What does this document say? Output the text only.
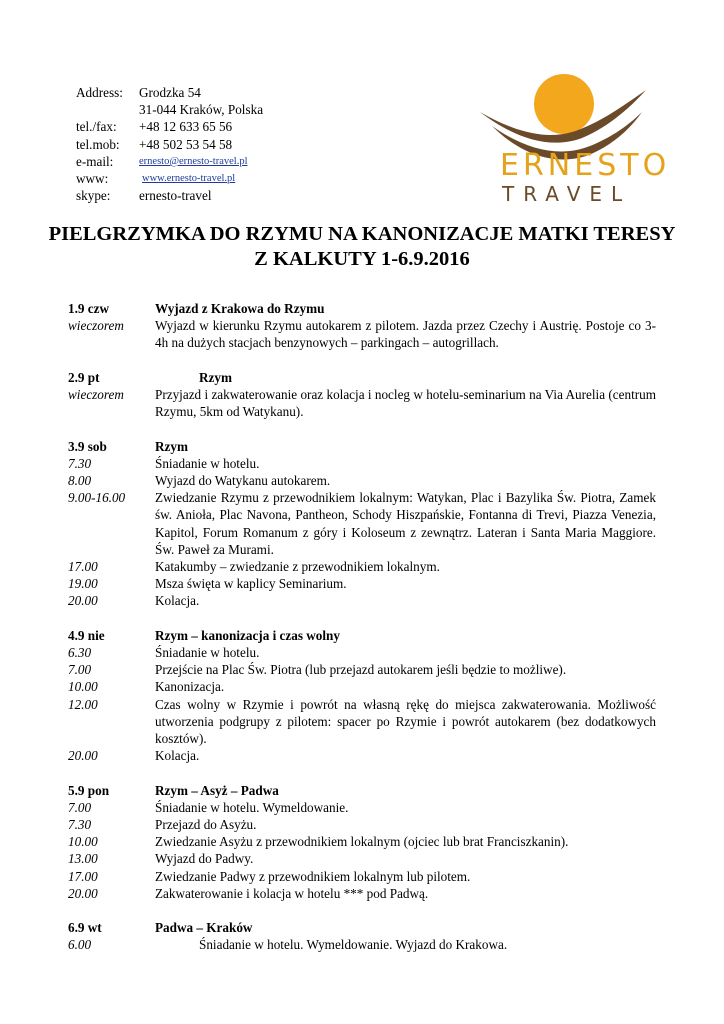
Address:	Grodzka 54
31-044 Kraków, Polska
tel./fax:	+48 12 633 65 56
tel.mob:	+48 502 53 54 58
e-mail:	ernesto@ernesto-travel.pl
www:	www.ernesto-travel.pl
skype:	ernesto-travel
ERNESTO
TRAVEL
PIELGRZYMKA DO RZYMU NA KANONIZACJE MATKI TERESY Z KALKUTY 1-6.9.2016
1.9 czw	Wyjazd z Krakowa do Rzymu
wieczorem	Wyjazd w kierunku Rzymu autokarem z pilotem. Jazda przez Czechy i Austrię. Postoje co 3-4h na dużych stacjach benzynowych – parkingach – autogrillach.
2.9 pt	Rzym
wieczorem	Przyjazd i zakwaterowanie oraz kolacja i nocleg w hotelu-seminarium na Via Aurelia (centrum Rzymu, 5km od Watykanu).
3.9 sob	Rzym
7.30	Śniadanie w hotelu.
8.00	Wyjazd do Watykanu autokarem.
9.00-16.00	Zwiedzanie Rzymu z przewodnikiem lokalnym: Watykan, Plac i Bazylika Św. Piotra, Zamek św. Anioła, Plac Navona, Pantheon, Schody Hiszpańskie, Fontanna di Trevi, Piazza Venezia, Kapitol, Forum Romanum z góry i Koloseum z zewnątrz. Lateran i Santa Maria Maggiore. Św. Paweł za Murami.
17.00	Katakumby – zwiedzanie z przewodnikiem lokalnym.
19.00	Msza święta w kaplicy Seminarium.
20.00	Kolacja.
4.9 nie	Rzym – kanonizacja i czas wolny
6.30	Śniadanie w hotelu.
7.00	Przejście na Plac Św. Piotra (lub przejazd autokarem jeśli będzie to możliwe).
10.00	Kanonizacja.
12.00	Czas wolny w Rzymie i powrót na własną rękę do miejsca zakwaterowania. Możliwość utworzenia podgrupy z pilotem: spacer po Rzymie i powrót autokarem (bez dodatkowych kosztów).
20.00	Kolacja.
5.9 pon	Rzym – Asyż – Padwa
7.00	Śniadanie w hotelu. Wymeldowanie.
7.30	Przejazd do Asyżu.
10.00	Zwiedzanie Asyżu z przewodnikiem lokalnym (ojciec lub brat Franciszkanin).
13.00	Wyjazd do Padwy.
17.00	Zwiedzanie Padwy z przewodnikiem lokalnym lub pilotem.
20.00	Zakwaterowanie i kolacja w hotelu *** pod Padwą.
6.9 wt	Padwa – Kraków
6.00	Śniadanie w hotelu. Wymeldowanie. Wyjazd do Krakowa.
